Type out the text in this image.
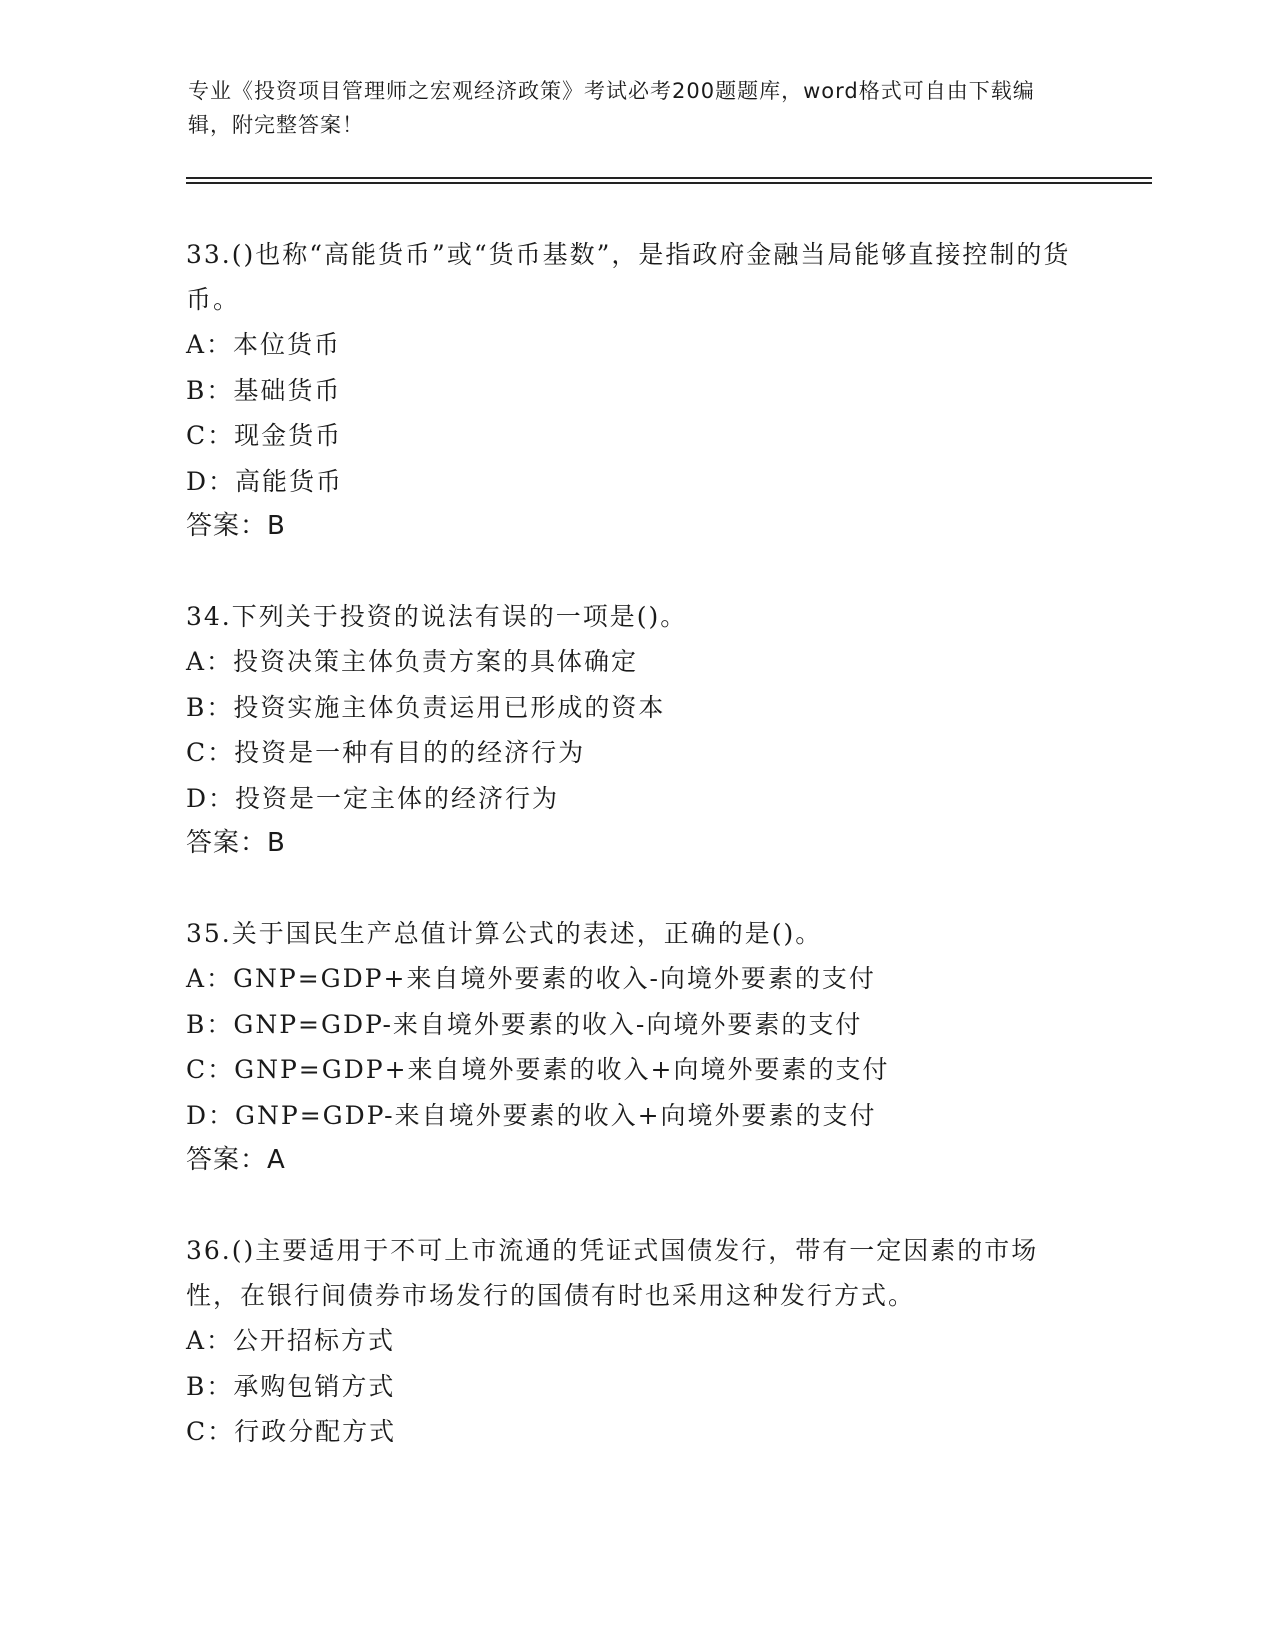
专业《投资项目管理师之宏观经济政策》考试必考200题题库，word格式可自由下载编辑，附完整答案！

33.()也称“高能货币”或“货币基数”，是指政府金融当局能够直接控制的货币。

A：本位货币

B：基础货币

C：现金货币

D：高能货币

答案：B

34.下列关于投资的说法有误的一项是()。

A：投资决策主体负责方案的具体确定

B：投资实施主体负责运用已形成的资本

C：投资是一种有目的的经济行为

D：投资是一定主体的经济行为

答案：B

35.关于国民生产总值计算公式的表述，正确的是()。

A：GNP=GDP+来自境外要素的收入-向境外要素的支付

B：GNP=GDP-来自境外要素的收入-向境外要素的支付

C：GNP=GDP+来自境外要素的收入+向境外要素的支付

D：GNP=GDP-来自境外要素的收入+向境外要素的支付

答案：A

36.()主要适用于不可上市流通的凭证式国债发行，带有一定因素的市场性，在银行间债券市场发行的国债有时也采用这种发行方式。

A：公开招标方式

B：承购包销方式

C：行政分配方式
